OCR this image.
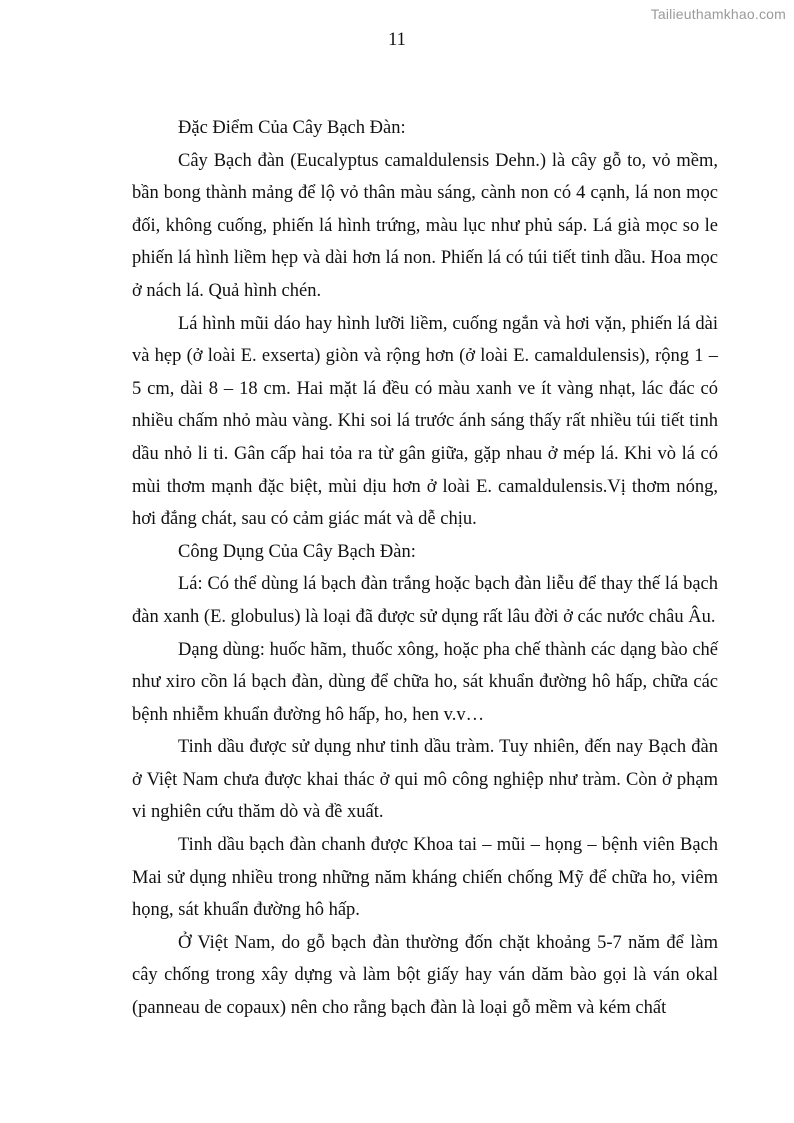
Tailieuthamkhao.com
11

Đặc Điểm Của Cây Bạch Đàn:

Cây Bạch đàn (Eucalyptus camaldulensis Dehn.) là cây gỗ to, vỏ mềm, bần bong thành mảng để lộ vỏ thân màu sáng, cành non có 4 cạnh, lá non mọc đối, không cuống, phiến lá hình trứng, màu lục như phủ sáp. Lá già mọc so le phiến lá hình liềm hẹp và dài hơn lá non. Phiến lá có túi tiết tinh dầu. Hoa mọc ở nách lá. Quả hình chén.

Lá hình mũi dáo hay hình lưỡi liềm, cuống ngắn và hơi vặn, phiến lá dài và hẹp (ở loài E. exserta) giòn và rộng hơn (ở loài E. camaldulensis), rộng 1 – 5 cm, dài 8 – 18 cm. Hai mặt lá đều có màu xanh ve ít vàng nhạt, lác đác có nhiều chấm nhỏ màu vàng. Khi soi lá trước ánh sáng thấy rất nhiều túi tiết tinh dầu nhỏ li ti. Gân cấp hai tỏa ra từ gân giữa, gặp nhau ở mép lá. Khi vò lá có mùi thơm mạnh đặc biệt, mùi dịu hơn ở loài E. camaldulensis.Vị thơm nóng, hơi đắng chát, sau có cảm giác mát và dễ chịu.

Công Dụng Của Cây Bạch Đàn:

Lá: Có thể dùng lá bạch đàn trắng hoặc bạch đàn liễu để thay thế lá bạch đàn xanh (E. globulus) là loại đã được sử dụng rất lâu đời ở các nước châu Âu.

Dạng dùng: huốc hãm, thuốc xông, hoặc pha chế thành các dạng bào chế như xiro cồn lá bạch đàn, dùng để chữa ho, sát khuẩn đường hô hấp, chữa các bệnh nhiễm khuẩn đường hô hấp, ho, hen v.v…

Tinh dầu được sử dụng như tinh dầu tràm. Tuy nhiên, đến nay Bạch đàn ở Việt Nam chưa được khai thác ở qui mô công nghiệp như tràm. Còn ở phạm vi nghiên cứu thăm dò và đề xuất.

Tinh dầu bạch đàn chanh được Khoa tai – mũi – họng – bệnh viên Bạch Mai sử dụng nhiều trong những năm kháng chiến chống Mỹ để chữa ho, viêm họng, sát khuẩn đường hô hấp.

Ở Việt Nam, do gỗ bạch đàn thường đốn chặt khoảng 5-7 năm để làm cây chống trong xây dựng và làm bột giấy hay ván dăm bào gọi là ván okal (panneau de copaux) nên cho rằng bạch đàn là loại gỗ mềm và kém chất
